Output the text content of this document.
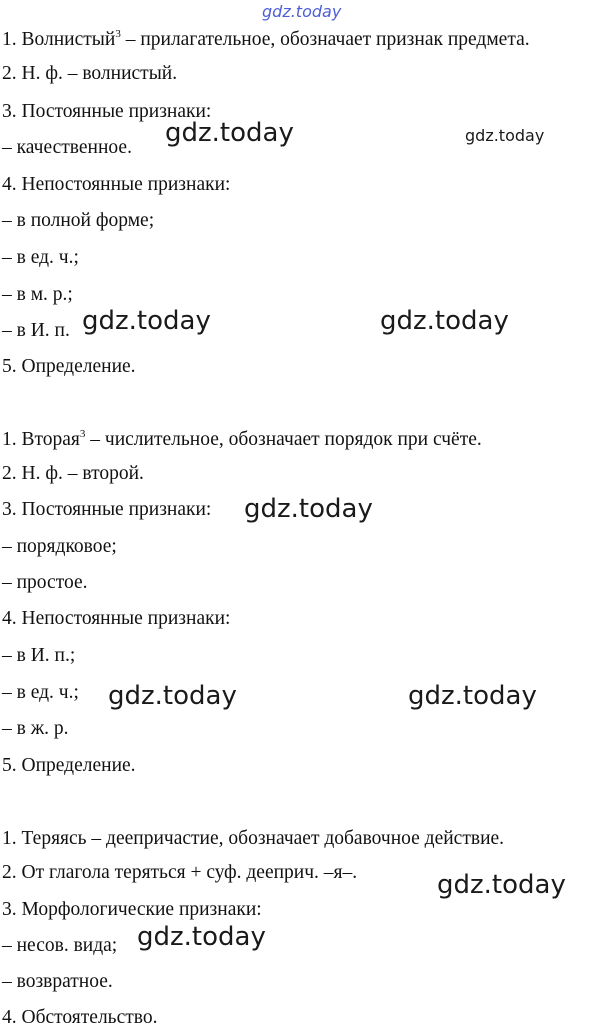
1. Волнистый$^3$ – прилагательное, обозначает признак предмета.
2. Н. ф. – волнистый.
3. Постоянные признаки:
– качественное.
4. Непостоянные признаки:
– в полной форме;
– в ед. ч.;
– в м. р.;
– в И. п.
5. Определение.
1. Вторая$^3$ – числительное, обозначает порядок при счёте.
2. Н. ф. – второй.
3. Постоянные признаки:
– порядковое;
– простое.
4. Непостоянные признаки:
– в И. п.;
– в ед. ч.;
– в ж. р.
5. Определение.
1. Теряясь – деепричастие, обозначает добавочное действие.
2. От глагола теряться + суф. дееприч. –я–.
3. Морфологические признаки:
– несов. вида;
– возвратное.
4. Обстоятельство.
gdz.today
gdz.today	gdz.today
gdz.today	gdz.today
gdz.today
gdz.today	gdz.today
gdz.today
gdz.today
